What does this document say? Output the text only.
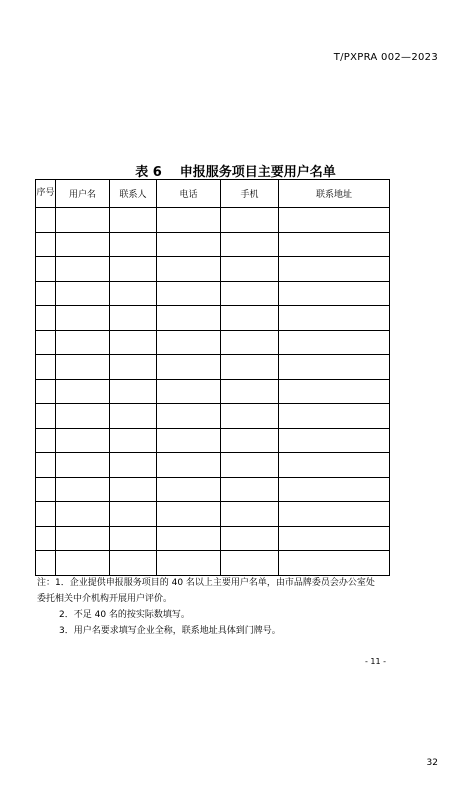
T/PXPRA 002—2023
表 6 申报服务项目主要用户名单
序号	用户名	联系人	电话	手机	联系地址

注：1．企业提供申报服务项目的 40 名以上主要用户名单，由市品牌委员会办公室处
委托相关中介机构开展用户评价。
2．不足 40 名的按实际数填写。
3．用户名要求填写企业全称，联系地址具体到门牌号。
- 11 -
32
